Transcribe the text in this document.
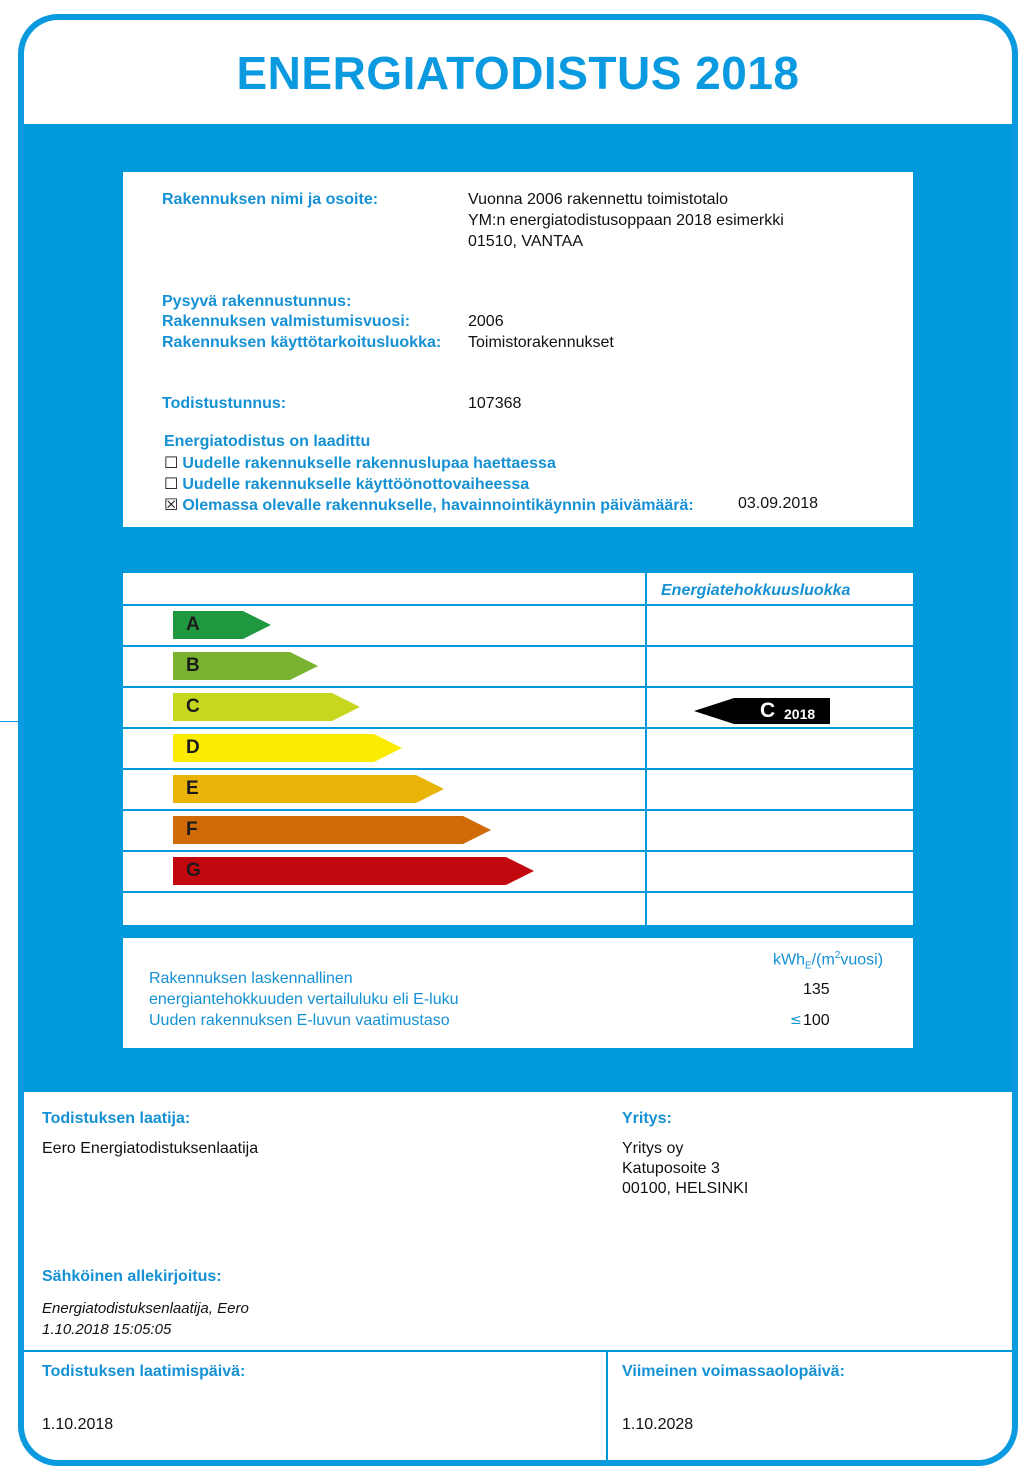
ENERGIATODISTUS 2018
Rakennuksen nimi ja osoite:	Vuonna 2006 rakennettu toimistotalo
YM:n energiatodistusoppaan 2018 esimerkki
01510, VANTAA
Pysyvä rakennustunnus:
Rakennuksen valmistumisvuosi:	2006
Rakennuksen käyttötarkoitusluokka: Toimistorakennukset
Todistustunnus:	107368
Energiatodistus on laadittu
☐ Uudelle rakennukselle rakennuslupaa haettaessa
☐ Uudelle rakennukselle käyttöönottovaiheessa
☒ Olemassa olevalle rakennukselle, havainnointikäynnin päivämäärä:	03.09.2018
Energiatehokkuusluokka
A
B
C
D
E
F
G
C 2018
$kWh_E/(m^2vuosi)$
Rakennuksen laskennallinen
energiantehokkuuden vertailuluku eli E-luku
135
Uuden rakennuksen E-luvun vaatimustaso	≤ 100
Todistuksen laatija:
Eero Energiatodistuksenlaatija
Yritys:
Yritys oy
Katuposoite 3
00100, HELSINKI
Sähköinen allekirjoitus:
Energiatodistuksenlaatija, Eero
1.10.2018 15:05:05
Todistuksen laatimispäivä:
1.10.2018
Viimeinen voimassaolopäivä:
1.10.2028
